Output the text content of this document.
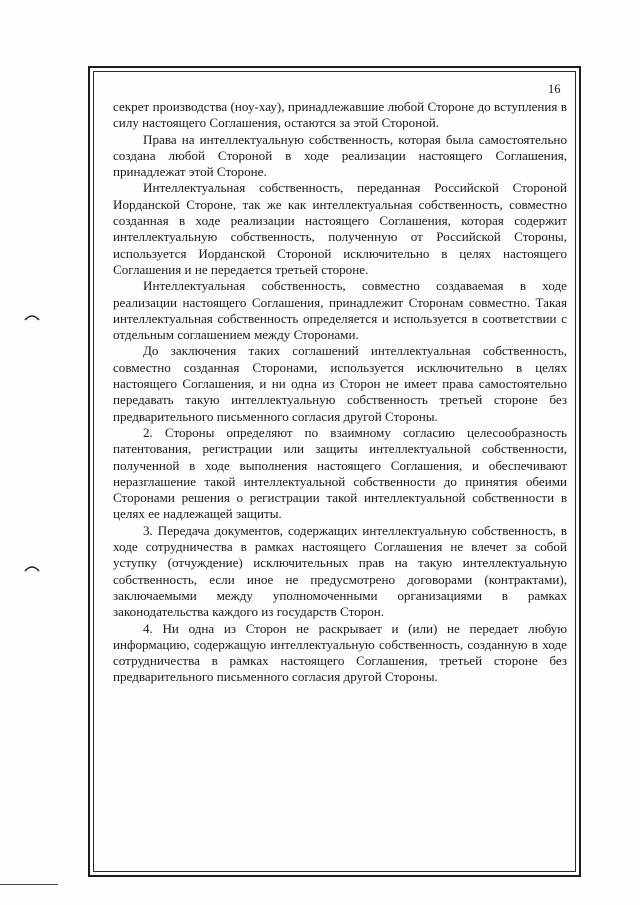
16

секрет производства (ноу-хау), принадлежавшие любой Стороне до вступления в силу настоящего Соглашения, остаются за этой Стороной.

Права на интеллектуальную собственность, которая была самостоятельно создана любой Стороной в ходе реализации настоящего Соглашения, принадлежат этой Стороне.

Интеллектуальная собственность, переданная Российской Стороной Иорданской Стороне, так же как интеллектуальная собственность, совместно созданная в ходе реализации настоящего Соглашения, которая содержит интеллектуальную собственность, полученную от Российской Стороны, используется Иорданской Стороной исключительно в целях настоящего Соглашения и не передается третьей стороне.

Интеллектуальная собственность, совместно создаваемая в ходе реализации настоящего Соглашения, принадлежит Сторонам совместно. Такая интеллектуальная собственность определяется и используется в соответствии с отдельным соглашением между Сторонами.

До заключения таких соглашений интеллектуальная собственность, совместно созданная Сторонами, используется исключительно в целях настоящего Соглашения, и ни одна из Сторон не имеет права самостоятельно передавать такую интеллектуальную собственность третьей стороне без предварительного письменного согласия другой Стороны.

2. Стороны определяют по взаимному согласию целесообразность патентования, регистрации или защиты интеллектуальной собственности, полученной в ходе выполнения настоящего Соглашения, и обеспечивают неразглашение такой интеллектуальной собственности до принятия обеими Сторонами решения о регистрации такой интеллектуальной собственности в целях ее надлежащей защиты.

3. Передача документов, содержащих интеллектуальную собственность, в ходе сотрудничества в рамках настоящего Соглашения не влечет за собой уступку (отчуждение) исключительных прав на такую интеллектуальную собственность, если иное не предусмотрено договорами (контрактами), заключаемыми между уполномоченными организациями в рамках законодательства каждого из государств Сторон.

4. Ни одна из Сторон не раскрывает и (или) не передает любую информацию, содержащую интеллектуальную собственность, созданную в ходе сотрудничества в рамках настоящего Соглашения, третьей стороне без предварительного письменного согласия другой Стороны.
